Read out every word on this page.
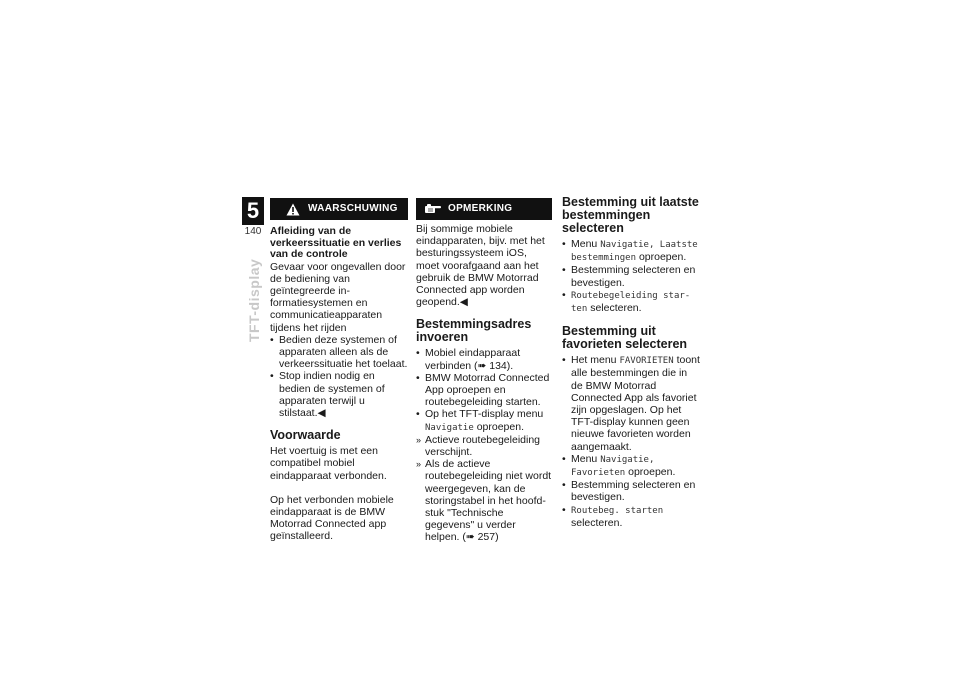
5
140
TFT-display
WAARSCHUWING

Afleiding van de verkeerssituatie en verlies van de controle

Gevaar voor ongevallen door de bediening van geïntegreerde informatiesystemen en communicatieapparaten tijdens het rijden

• Bedien deze systemen of apparaten alleen als de verkeerssituatie het toelaat.
• Stop indien nodig en bedien de systemen of apparaten terwijl u stilstaat.◀
Voorwaarde

Het voertuig is met een compatibel mobiel eindapparaat verbonden.

Op het verbonden mobiele eindapparaat is de BMW Motorrad Connected app geïnstalleerd.

OPMERKING

Bij sommige mobiele eindapparaten, bijv. met het besturingssysteem iOS, moet voorafgaand aan het gebruik de BMW Motorrad Connected app worden geopend.◀

Bestemmingsadres invoeren
• Mobiel eindapparaat verbinden (➠ 134).
• BMW Motorrad Connected App oproepen en routebegeleiding starten.
• Op het TFT-display menu Navigatie oproepen.
» Actieve routebegeleiding verschijnt.
» Als de actieve routebegeleiding niet wordt weergegeven, kan de storingstabel in het hoofdstuk "Technische gegevens" u verder helpen. (➠ 257)
Bestemming uit laatste bestemmingen selecteren
• Menu Navigatie, Laatste bestemmingen oproepen.
• Bestemming selecteren en bevestigen.
• Routebegeleiding starten selecteren.
Bestemming uit favorieten selecteren
• Het menu FAVORIETEN toont alle bestemmingen die in de BMW Motorrad Connected App als favoriet zijn opgeslagen. Op het TFT-display kunnen geen nieuwe favorieten worden aangemaakt.
• Menu Navigatie, Favorieten oproepen.
• Bestemming selecteren en bevestigen.
• Routebeg. starten selecteren.
